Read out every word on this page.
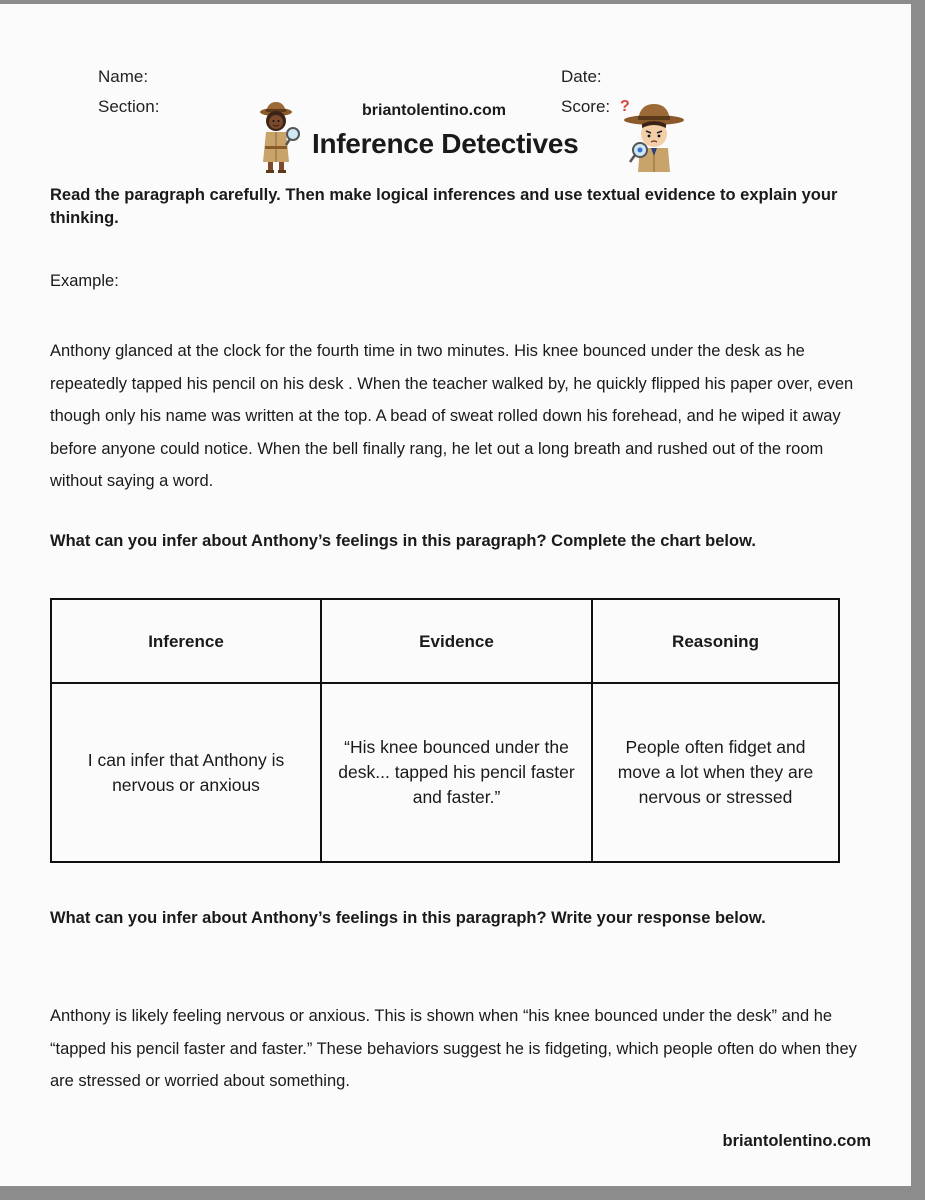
Name:	Date:
Section:	Score:
briantolentino.com
Inference Detectives
?
Read the paragraph carefully. Then make logical inferences and use textual evidence to explain your thinking.
Example:
Anthony glanced at the clock for the fourth time in two minutes. His knee bounced under the desk as he repeatedly tapped his pencil on his desk . When the teacher walked by, he quickly flipped his paper over, even though only his name was written at the top. A bead of sweat rolled down his forehead, and he wiped it away before anyone could notice. When the bell finally rang, he let out a long breath and rushed out of the room without saying a word.
What can you infer about Anthony’s feelings in this paragraph? Complete the chart below.
Inference	Evidence	Reasoning
I can infer that Anthony is nervous or anxious	“His knee bounced under the desk... tapped his pencil faster and faster.”	People often fidget and move a lot when they are nervous or stressed
What can you infer about Anthony’s feelings in this paragraph? Write your response below.
Anthony is likely feeling nervous or anxious. This is shown when “his knee bounced under the desk” and he “tapped his pencil faster and faster.” These behaviors suggest he is fidgeting, which people often do when they are stressed or worried about something.
briantolentino.com
